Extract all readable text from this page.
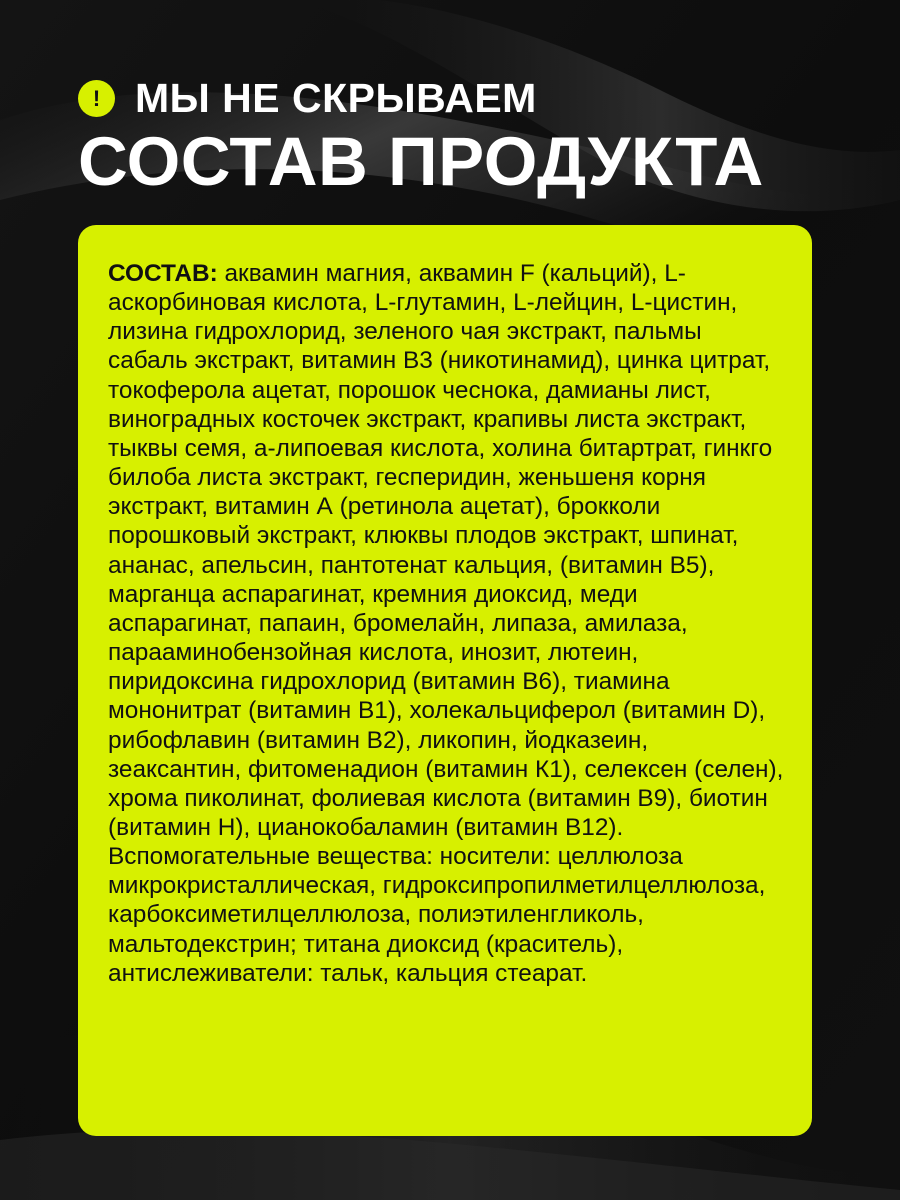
! МЫ НЕ СКРЫВАЕМ
СОСТАВ ПРОДУКТА

СОСТАВ: аквамин магния, аквамин F (кальций), L-аскорбиновая кислота, L-глутамин, L-лейцин, L-цистин, лизина гидрохлорид, зеленого чая экстракт, пальмы сабаль экстракт, витамин В3 (никотинамид), цинка цитрат, токоферола ацетат, порошок чеснока, дамианы лист, виноградных косточек экстракт, крапивы листа экстракт, тыквы семя, а-липоевая кислота, холина битартрат, гинкго билоба листа экстракт, гесперидин, женьшеня корня экстракт, витамин А (ретинола ацетат), брокколи порошковый экстракт, клюквы плодов экстракт, шпинат, ананас, апельсин, пантотенат кальция, (витамин В5), марганца аспарагинат, кремния диоксид, меди аспарагинат, папаин, бромелайн, липаза, амилаза, парааминобензойная кислота, инозит, лютеин, пиридоксина гидрохлорид (витамин В6), тиамина мононитрат (витамин В1), холекальциферол (витамин D), рибофлавин (витамин В2), ликопин, йодказеин, зеаксантин, фитоменадион (витамин К1), селексен (селен), хрома пиколинат, фолиевая кислота (витамин В9), биотин (витамин Н), цианокобаламин (витамин В12). Вспомогательные вещества: носители: целлюлоза микрокристаллическая, гидроксипропилметилцеллюлоза, карбоксиметилцеллюлоза, полиэтиленгликоль, мальтодекстрин; титана диоксид (краситель), антислеживатели: тальк, кальция стеарат.
